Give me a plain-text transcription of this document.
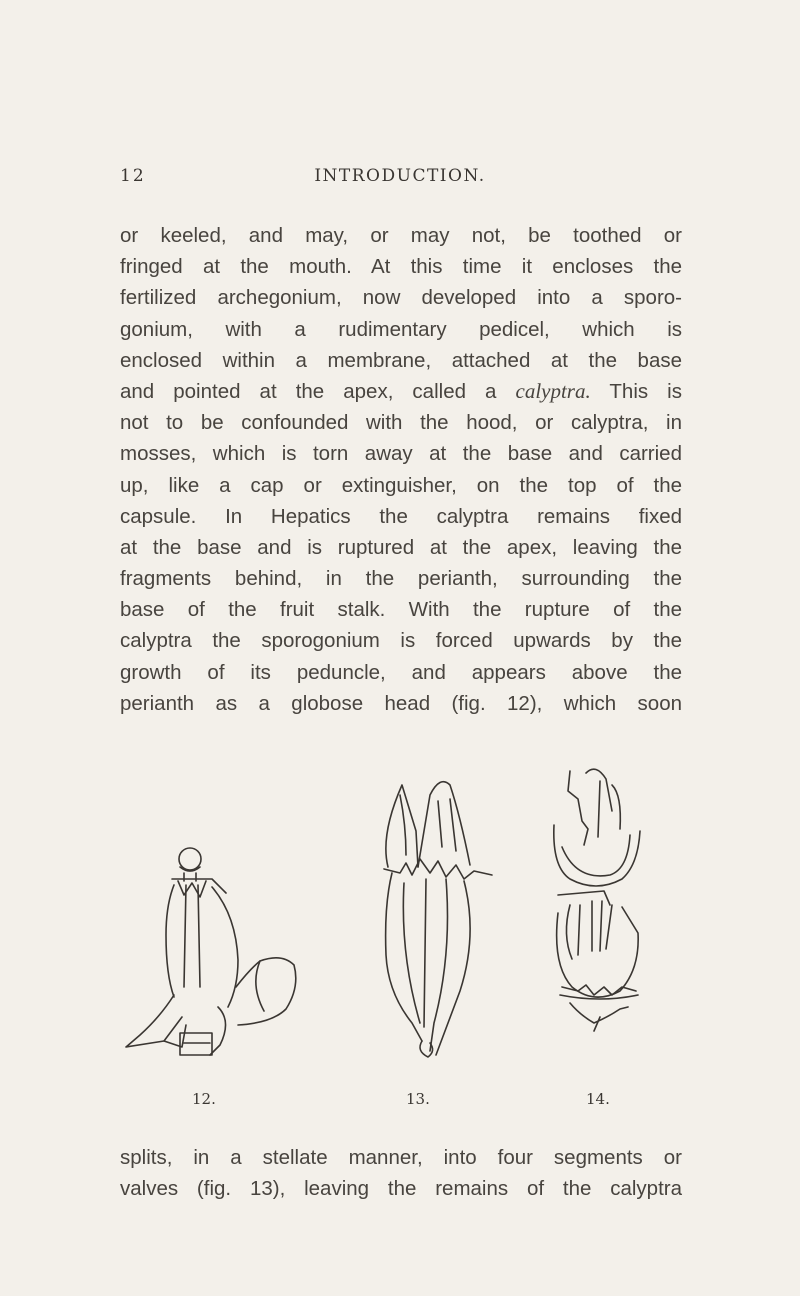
12	INTRODUCTION.
or keeled, and may, or may not, be toothed or
fringed at the mouth. At this time it encloses the
fertilized archegonium, now developed into a sporo-
gonium, with a rudimentary pedicel, which is
enclosed within a membrane, attached at the base
and pointed at the apex, called a calyptra. This is
not to be confounded with the hood, or calyptra, in
mosses, which is torn away at the base and carried
up, like a cap or extinguisher, on the top of the
capsule. In Hepatics the calyptra remains fixed
at the base and is ruptured at the apex, leaving the
fragments behind, in the perianth, surrounding the
base of the fruit stalk. With the rupture of the
calyptra the sporogonium is forced upwards by the
growth of its peduncle, and appears above the
perianth as a globose head (fig. 12), which soon
12.	13.	14.
splits, in a stellate manner, into four segments or
valves (fig. 13), leaving the remains of the calyptra
